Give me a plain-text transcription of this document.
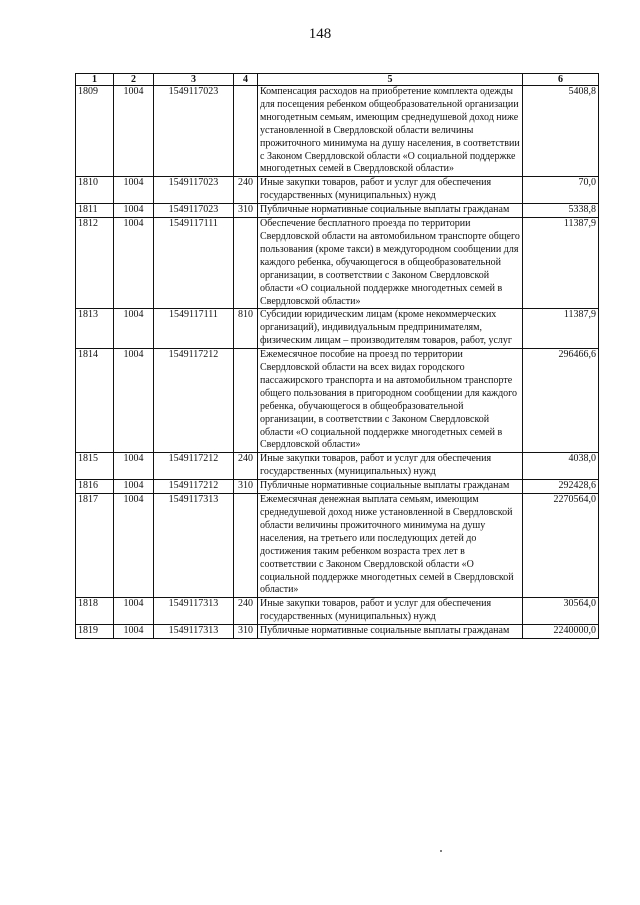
148
1	2	3	4	5	6
1809	1004	1549117023		Компенсация расходов на приобретение комплекта одежды для посещения ребенком общеобразовательной организации многодетным семьям, имеющим среднедушевой доход ниже установленной в Свердловской области величины прожиточного минимума на душу населения, в соответствии с Законом Свердловской области «О социальной поддержке многодетных семей в Свердловской области»	5408,8
1810	1004	1549117023	240	Иные закупки товаров, работ и услуг для обеспечения государственных (муниципальных) нужд	70,0
1811	1004	1549117023	310	Публичные нормативные социальные выплаты гражданам	5338,8
1812	1004	1549117111		Обеспечение бесплатного проезда по территории Свердловской области на автомобильном транспорте общего пользования (кроме такси) в междугородном сообщении для каждого ребенка, обучающегося в общеобразовательной организации, в соответствии с Законом Свердловской области «О социальной поддержке многодетных семей в Свердловской области»	11387,9
1813	1004	1549117111	810	Субсидии юридическим лицам (кроме некоммерческих организаций), индивидуальным предпринимателям, физическим лицам – производителям товаров, работ, услуг	11387,9
1814	1004	1549117212		Ежемесячное пособие на проезд по территории Свердловской области на всех видах городского пассажирского транспорта и на автомобильном транспорте общего пользования в пригородном сообщении для каждого ребенка, обучающегося в общеобразовательной организации, в соответствии с Законом Свердловской области «О социальной поддержке многодетных семей в Свердловской области»	296466,6
1815	1004	1549117212	240	Иные закупки товаров, работ и услуг для обеспечения государственных (муниципальных) нужд	4038,0
1816	1004	1549117212	310	Публичные нормативные социальные выплаты гражданам	292428,6
1817	1004	1549117313		Ежемесячная денежная выплата семьям, имеющим среднедушевой доход ниже установленной в Свердловской области величины прожиточного минимума на душу населения, на третьего или последующих детей до достижения таким ребенком возраста трех лет в соответствии с Законом Свердловской области «О социальной поддержке многодетных семей в Свердловской области»	2270564,0
1818	1004	1549117313	240	Иные закупки товаров, работ и услуг для обеспечения государственных (муниципальных) нужд	30564,0
1819	1004	1549117313	310	Публичные нормативные социальные выплаты гражданам	2240000,0
